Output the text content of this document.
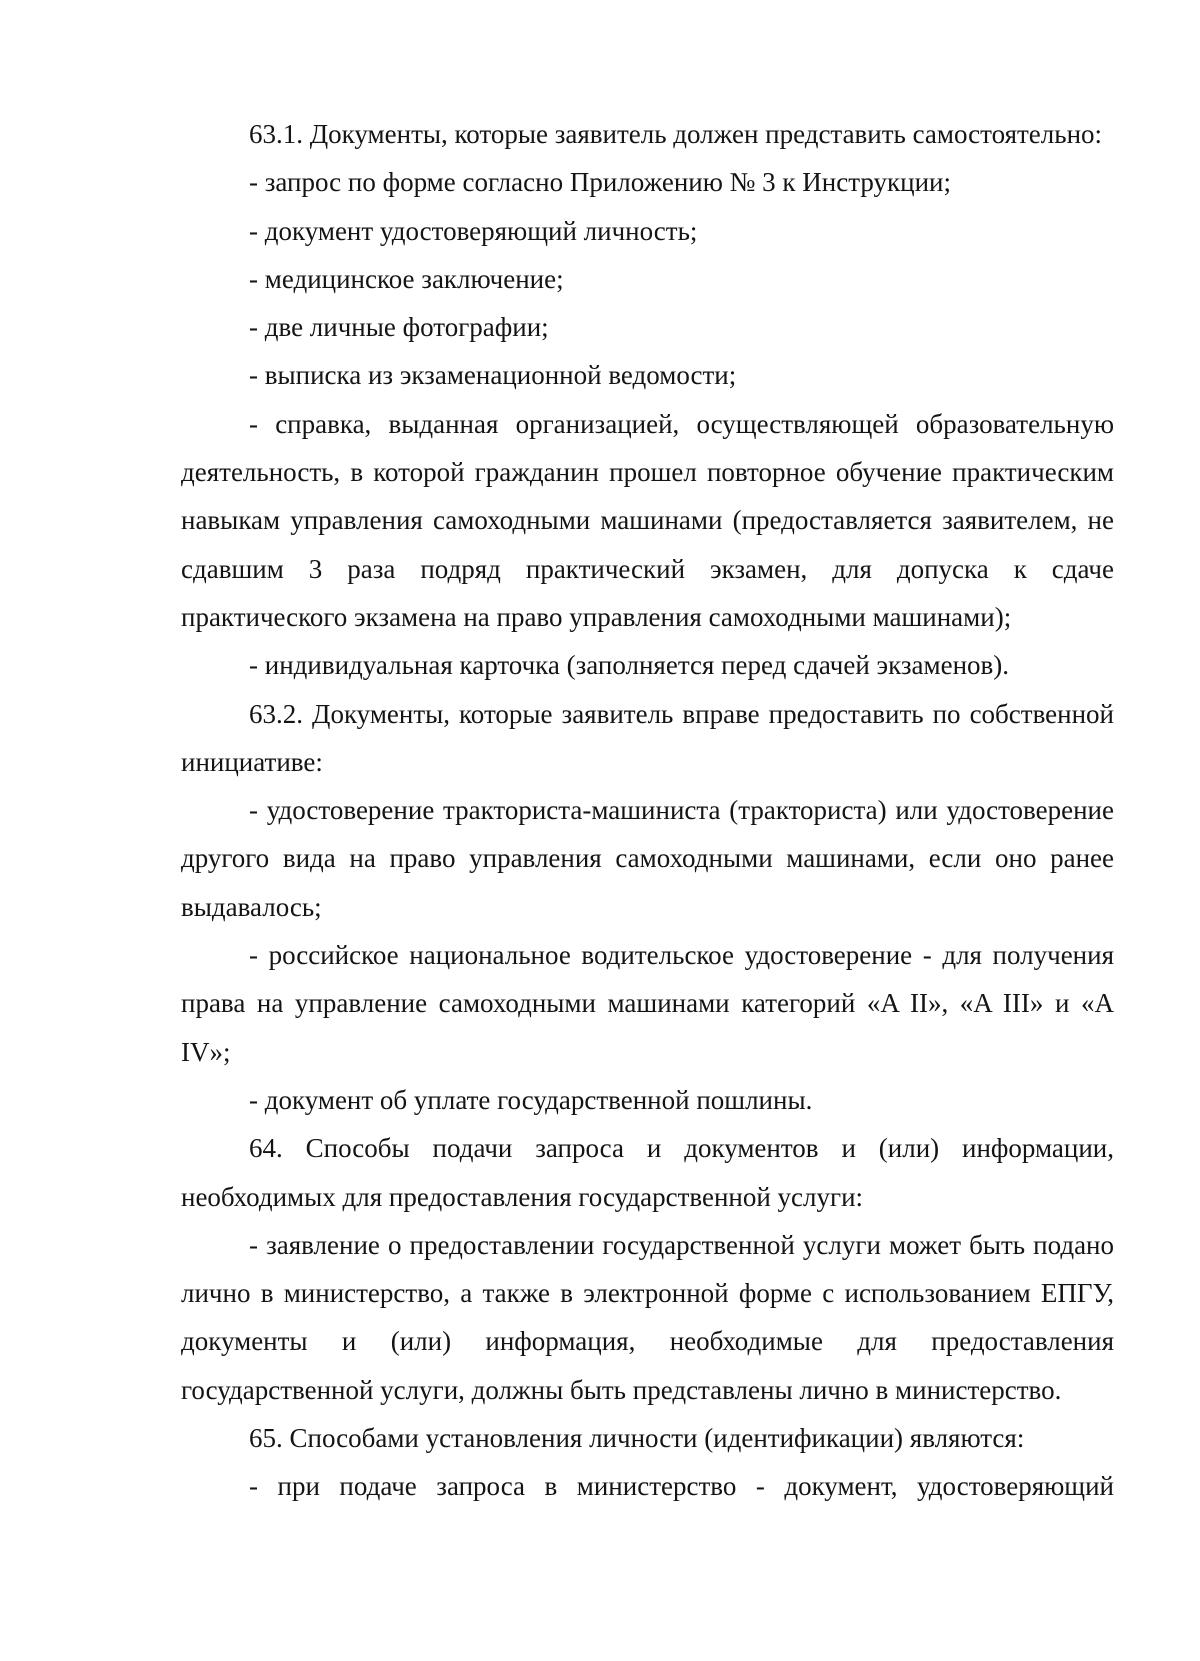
63.1. Документы, которые заявитель должен представить самостоятельно:

- запрос по форме согласно Приложению № 3 к Инструкции;

- документ удостоверяющий личность;

- медицинское заключение;

- две личные фотографии;

- выписка из экзаменационной ведомости;

- справка, выданная организацией, осуществляющей образовательную деятельность, в которой гражданин прошел повторное обучение практическим навыкам управления самоходными машинами (предоставляется заявителем, не сдавшим 3 раза подряд практический экзамен, для допуска к сдаче практического экзамена на право управления самоходными машинами);

- индивидуальная карточка (заполняется перед сдачей экзаменов).

63.2. Документы, которые заявитель вправе предоставить по собственной инициативе:

- удостоверение тракториста-машиниста (тракториста) или удостоверение другого вида на право управления самоходными машинами, если оно ранее выдавалось;

- российское национальное водительское удостоверение - для получения права на управление самоходными машинами категорий «A II», «A III» и «A IV»;

- документ об уплате государственной пошлины.

64. Способы подачи запроса и документов и (или) информации, необходимых для предоставления государственной услуги:

- заявление о предоставлении государственной услуги может быть подано лично в министерство, а также в электронной форме с использованием ЕПГУ, документы и (или) информация, необходимые для предоставления государственной услуги, должны быть представлены лично в министерство.

65. Способами установления личности (идентификации) являются:

- при подаче запроса в министерство - документ, удостоверяющий
